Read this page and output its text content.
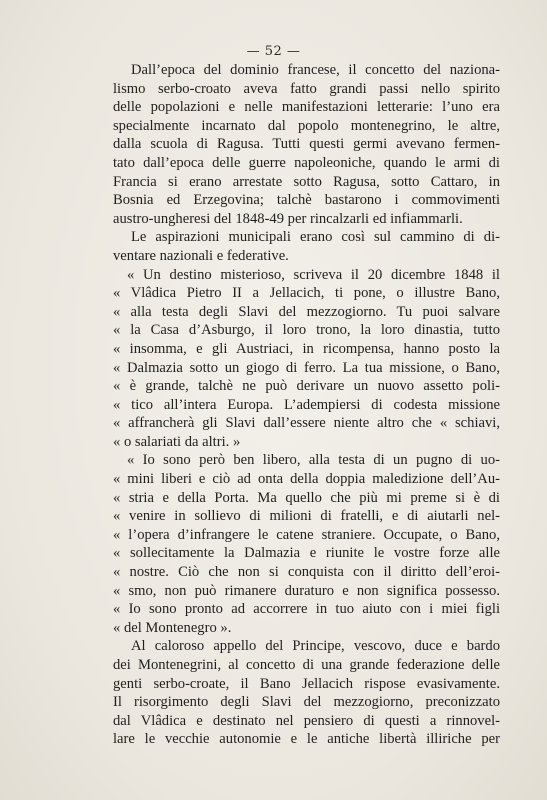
— 52 —
Dall’epoca del dominio francese, il concetto del naziona-
lismo serbo-croato aveva fatto grandi passi nello spirito
delle popolazioni e nelle manifestazioni letterarie: l’uno era
specialmente incarnato dal popolo montenegrino, le altre,
dalla scuola di Ragusa. Tutti questi germi avevano fermen-
tato dall’epoca delle guerre napoleoniche, quando le armi di
Francia si erano arrestate sotto Ragusa, sotto Cattaro, in
Bosnia ed Erzegovina; talchè bastarono i commovimenti
austro-ungheresi del 1848-49 per rincalzarli ed infiammarli.
Le aspirazioni municipali erano così sul cammino di di-
ventare nazionali e federative.
« Un destino misterioso, scriveva il 20 dicembre 1848 il
« Vlâdica Pietro II a Jellacich, ti pone, o illustre Bano,
« alla testa degli Slavi del mezzogiorno. Tu puoi salvare
« la Casa d’Asburgo, il loro trono, la loro dinastia, tutto
« insomma, e gli Austriaci, in ricompensa, hanno posto la
« Dalmazia sotto un giogo di ferro. La tua missione, o Bano,
« è grande, talchè ne può derivare un nuovo assetto poli-
« tico all’intera Europa. L’adempiersi di codesta missione
« affrancherà gli Slavi dall’essere niente altro che « schiavi,
« o salariati da altri. »
« Io sono però ben libero, alla testa di un pugno di uo-
« mini liberi e ciò ad onta della doppia maledizione dell’Au-
« stria e della Porta. Ma quello che più mi preme si è di
« venire in sollievo di milioni di fratelli, e di aiutarli nel-
« l’opera d’infrangere le catene straniere. Occupate, o Bano,
« sollecitamente la Dalmazia e riunite le vostre forze alle
« nostre. Ciò che non si conquista con il diritto dell’eroi-
« smo, non può rimanere duraturo e non significa possesso.
« Io sono pronto ad accorrere in tuo aiuto con i miei figli
« del Montenegro ».
Al caloroso appello del Principe, vescovo, duce e bardo
dei Montenegrini, al concetto di una grande federazione delle
genti serbo-croate, il Bano Jellacich rispose evasivamente.
Il risorgimento degli Slavi del mezzogiorno, preconizzato
dal Vlâdica e destinato nel pensiero di questi a rinnovel-
lare le vecchie autonomie e le antiche libertà illiriche per
